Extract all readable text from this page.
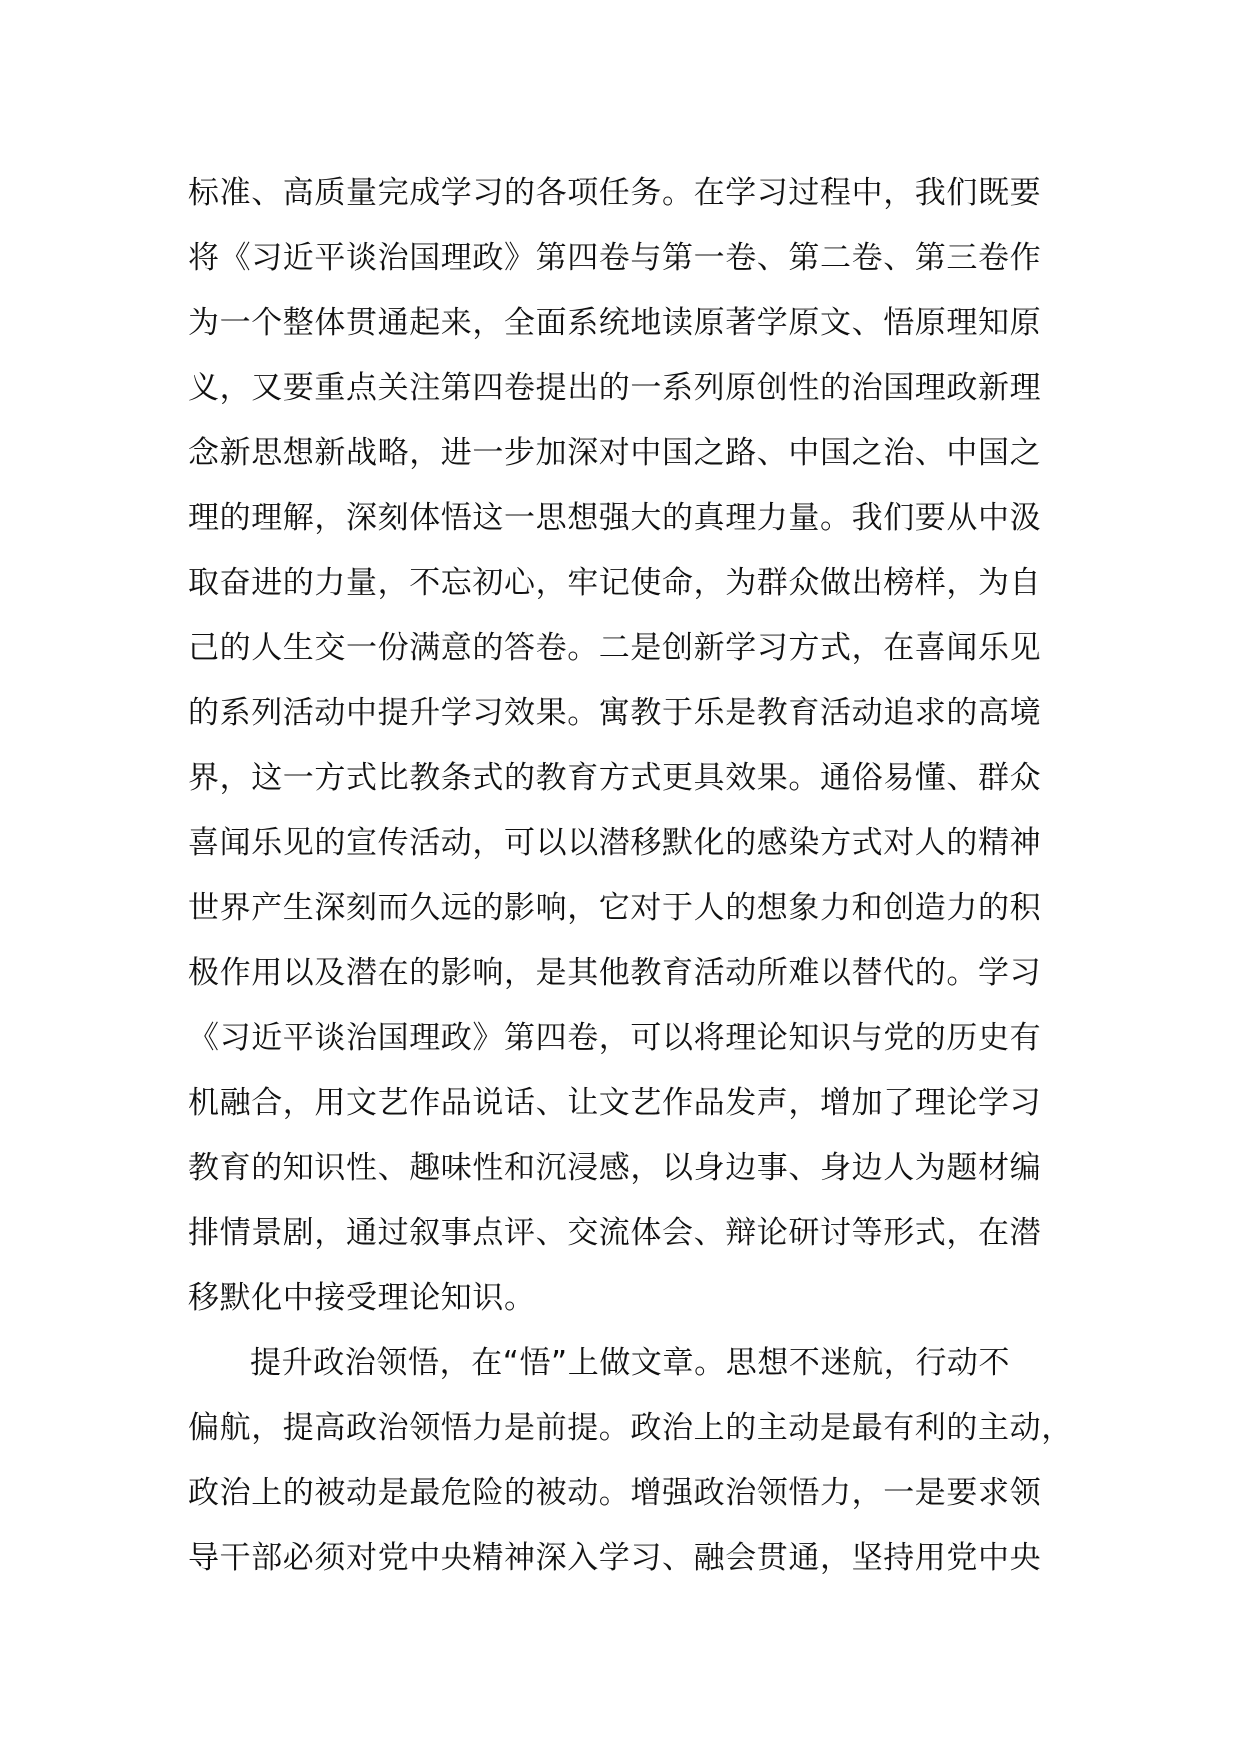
标准、高质量完成学习的各项任务。在学习过程中，我们既要
将《习近平谈治国理政》第四卷与第一卷、第二卷、第三卷作
为一个整体贯通起来，全面系统地读原著学原文、悟原理知原
义，又要重点关注第四卷提出的一系列原创性的治国理政新理
念新思想新战略，进一步加深对中国之路、中国之治、中国之
理的理解，深刻体悟这一思想强大的真理力量。我们要从中汲
取奋进的力量，不忘初心，牢记使命，为群众做出榜样，为自
己的人生交一份满意的答卷。二是创新学习方式，在喜闻乐见
的系列活动中提升学习效果。寓教于乐是教育活动追求的高境
界，这一方式比教条式的教育方式更具效果。通俗易懂、群众
喜闻乐见的宣传活动，可以以潜移默化的感染方式对人的精神
世界产生深刻而久远的影响，它对于人的想象力和创造力的积
极作用以及潜在的影响，是其他教育活动所难以替代的。学习
《习近平谈治国理政》第四卷，可以将理论知识与党的历史有
机融合，用文艺作品说话、让文艺作品发声，增加了理论学习
教育的知识性、趣味性和沉浸感，以身边事、身边人为题材编
排情景剧，通过叙事点评、交流体会、辩论研讨等形式，在潜
移默化中接受理论知识。
提升政治领悟，在“悟”上做文章。思想不迷航，行动不
偏航，提高政治领悟力是前提。政治上的主动是最有利的主动，
政治上的被动是最危险的被动。增强政治领悟力，一是要求领
导干部必须对党中央精神深入学习、融会贯通，坚持用党中央
